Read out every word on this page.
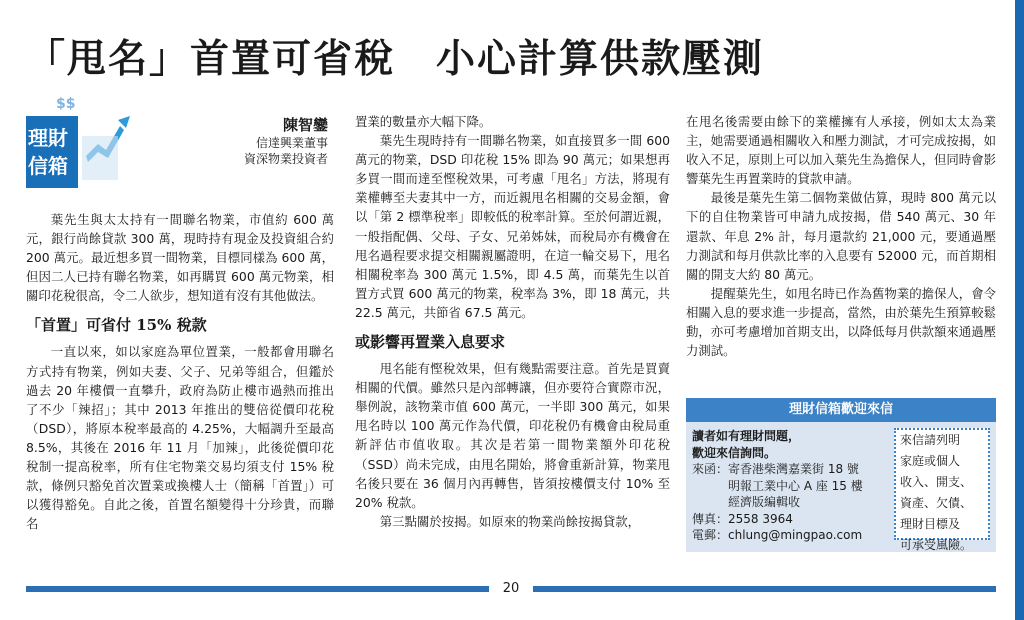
「甩名」首置可省稅　小心計算供款壓測
$$
理財
信箱
陳智鑾
信達興業董事
資深物業投資者

葉先生與太太持有一間聯名物業，市值約 600 萬元，銀行尚餘貸款 300 萬，現時持有現金及投資組合約 200 萬元。最近想多買一間物業，目標同樣為 600 萬，但因二人已持有聯名物業，如再購買 600 萬元物業，相關印花稅很高，令二人欲步，想知道有沒有其他做法。

「首置」可省付 15% 稅款

一直以來，如以家庭為單位置業，一般都會用聯名方式持有物業，例如夫妻、父子、兄弟等組合，但鑑於過去 20 年樓價一直攀升，政府為防止樓市過熱而推出了不少「辣招」；其中 2013 年推出的雙倍從價印花稅（DSD），將原本稅率最高的 4.25%，大幅調升至最高 8.5%，其後在 2016 年 11 月「加辣」，此後從價印花稅制一提高稅率，所有住宅物業交易均須支付 15% 稅款，條例只豁免首次置業或換樓人士（簡稱「首置」）可以獲得豁免。自此之後，首置名額變得十分珍貴，而聯名

置業的數量亦大幅下降。

葉先生現時持有一間聯名物業，如直接買多一間 600 萬元的物業，DSD 印花稅 15% 即為 90 萬元；如果想再多買一間而達至慳稅效果，可考慮「甩名」方法，將現有業權轉至夫妻其中一方，而近親甩名相關的交易金額，會以「第 2 標準稅率」即較低的稅率計算。至於何謂近親，一般指配偶、父母、子女、兄弟姊妹，而稅局亦有機會在甩名過程要求提交相關親屬證明，在這一輪交易下，甩名相關稅率為 300 萬元 1.5%，即 4.5 萬，而葉先生以首置方式買 600 萬元的物業，稅率為 3%，即 18 萬元，共 22.5 萬元，共節省 67.5 萬元。

或影響再置業入息要求

甩名能有慳稅效果，但有幾點需要注意。首先是買賣相關的代價。雖然只是內部轉讓，但亦要符合實際市況，舉例說，該物業市值 600 萬元，一半即 300 萬元，如果甩名時以 100 萬元作為代價，印花稅仍有機會由稅局重新評估市值收取。其次是若第一間物業額外印花稅（SSD）尚未完成，由甩名開始，將會重新計算，物業甩名後只要在 36 個月內再轉售，皆須按樓價支付 10% 至 20% 稅款。

第三點關於按揭。如原來的物業尚餘按揭貸款，

在甩名後需要由餘下的業權擁有人承接，例如太太為業主，她需要通過相關收入和壓力測試，才可完成按揭，如收入不足，原則上可以加入葉先生為擔保人，但同時會影響葉先生再置業時的貸款申請。

最後是葉先生第二個物業做估算，現時 800 萬元以下的自住物業皆可申請九成按揭，借 540 萬元、30 年還款、年息 2% 計，每月還款約 21,000 元，要通過壓力測試和每月供款比率的入息要有 52000 元，而首期相關的開支大約 80 萬元。

提醒葉先生，如甩名時已作為舊物業的擔保人，會令相關入息的要求進一步提高，當然，由於葉先生預算較鬆動，亦可考慮增加首期支出，以降低每月供款額來通過壓力測試。

理財信箱歡迎來信
讀者如有理財問題，
歡迎來信詢問。
來函：寄香港柴灣嘉業街 18 號
　　　明報工業中心 A 座 15 樓
　　　經濟版編輯收
傳真：2558 3964
電郵：chlung@mingpao.com
來信請列明
家庭或個人
收入、開支、
資產、欠債、
理財目標及
可承受風險。
20
